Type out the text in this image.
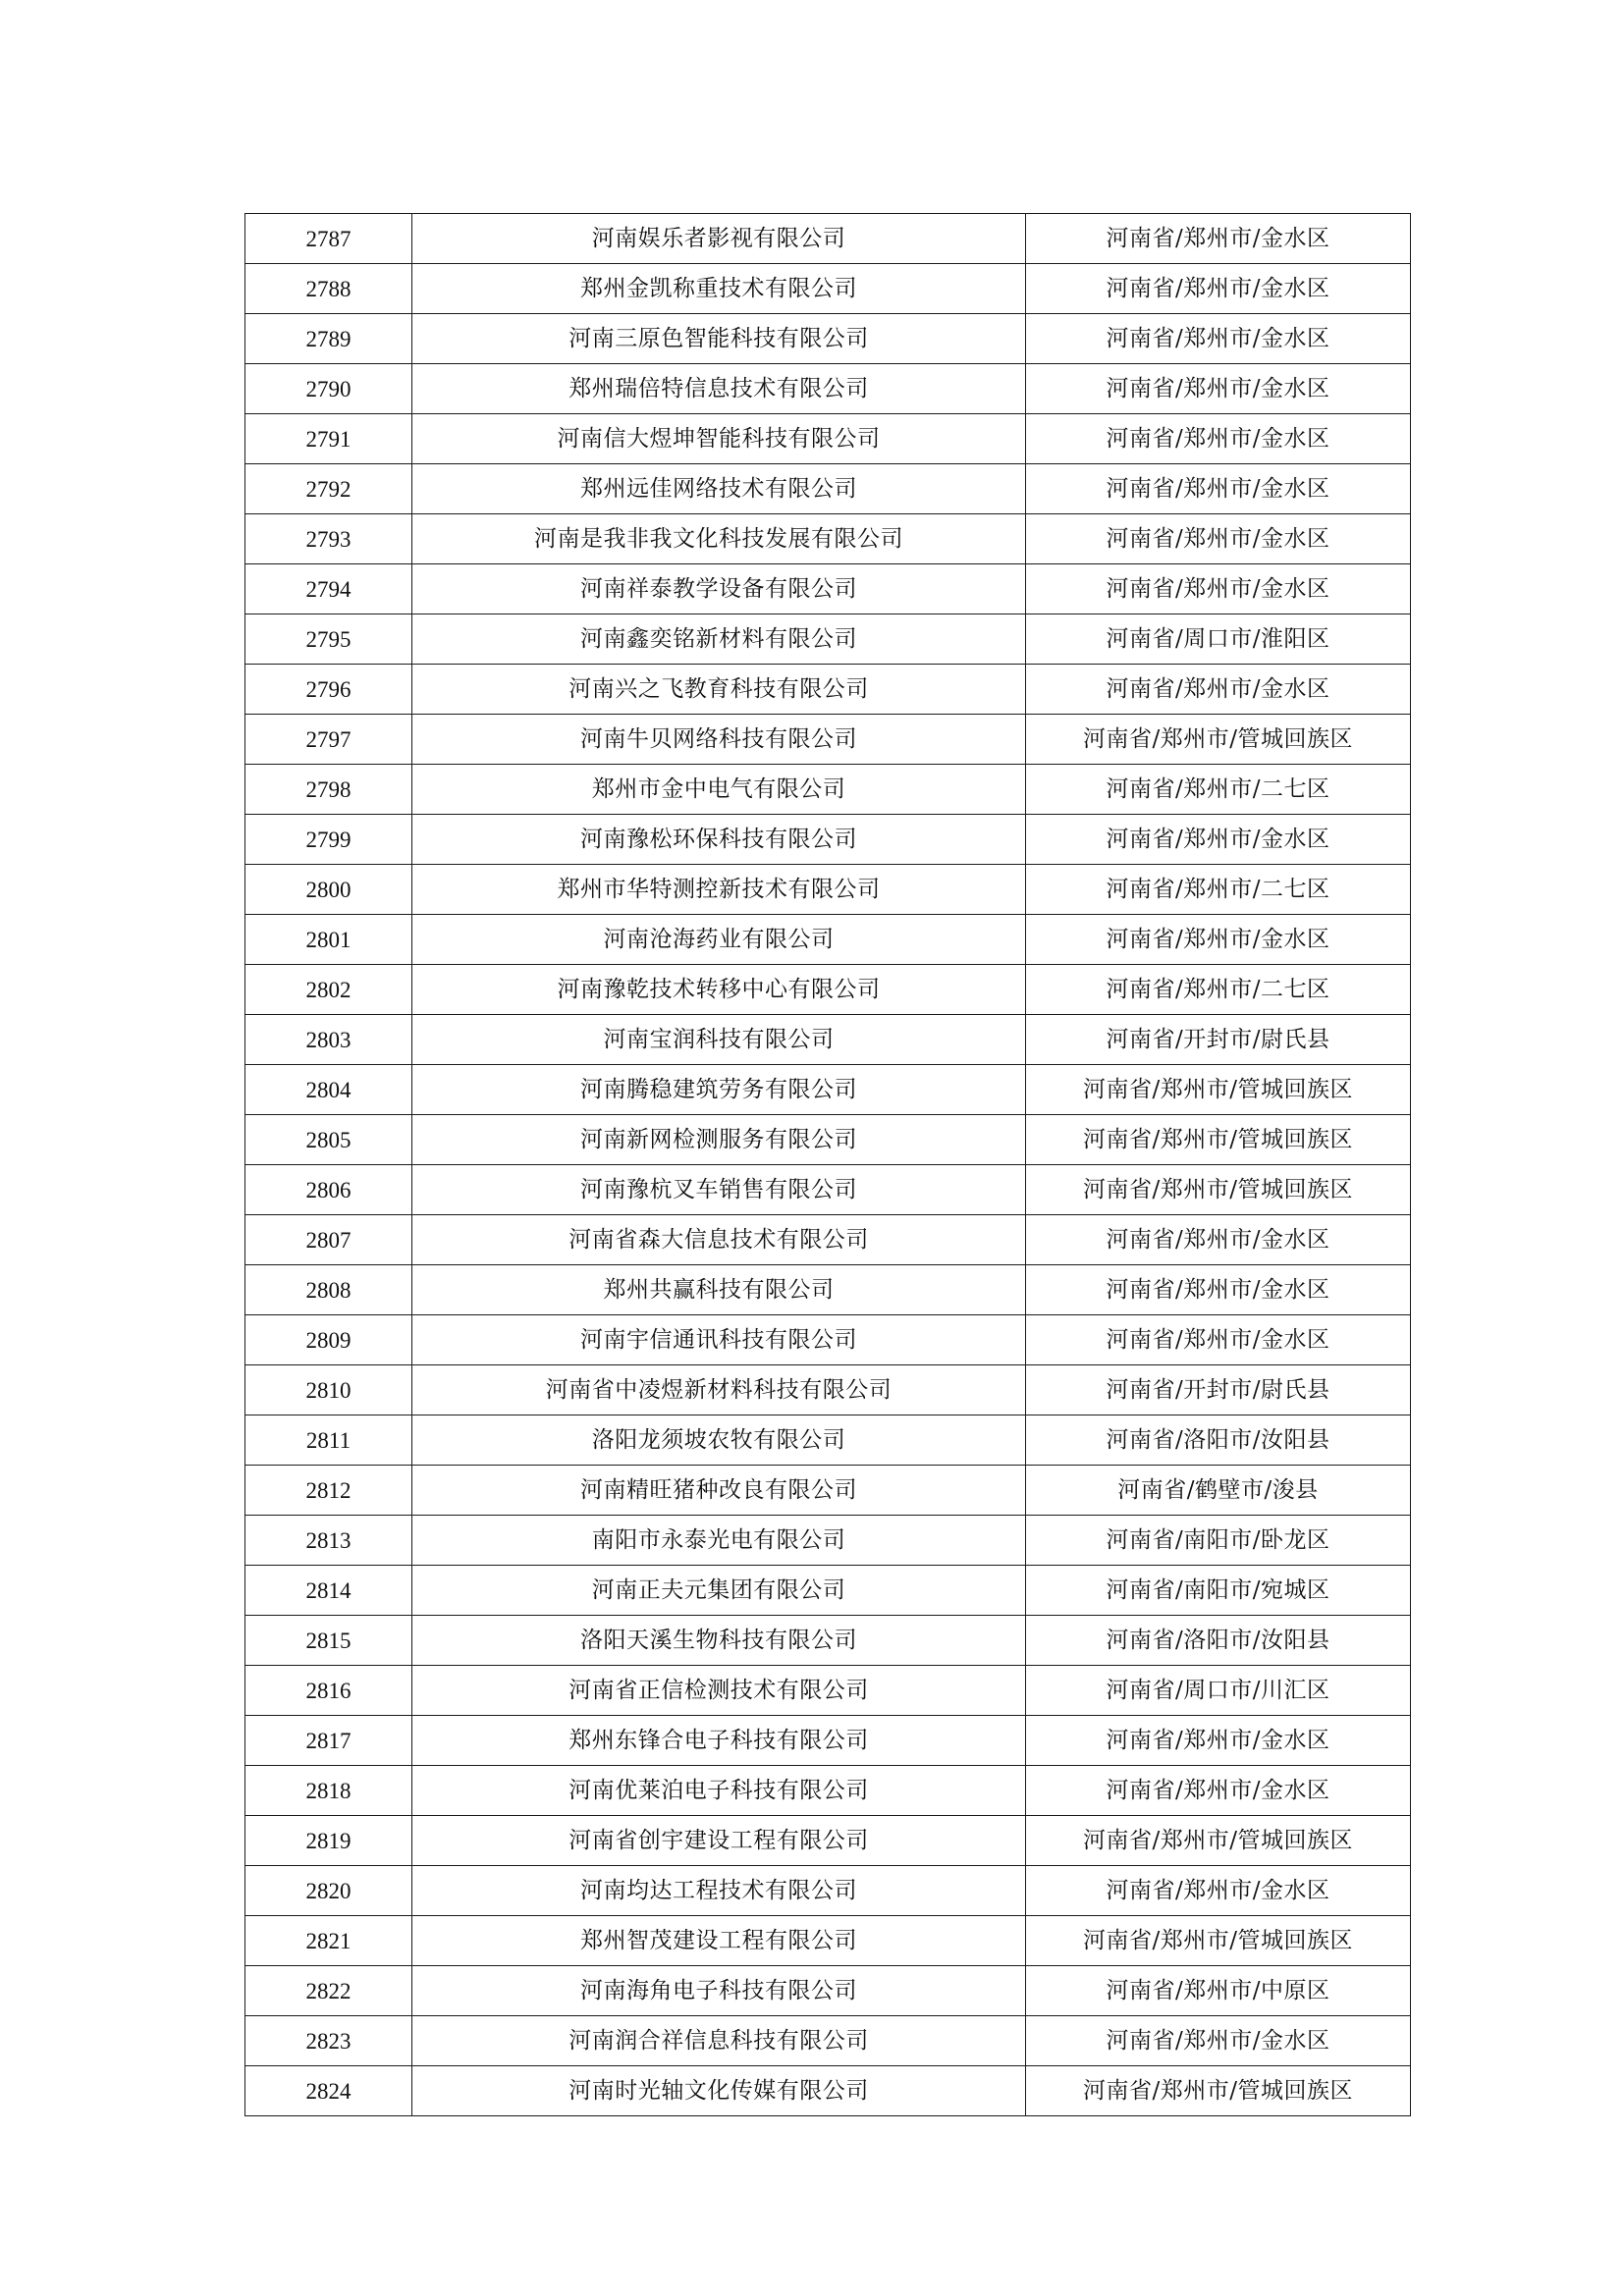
2787	河南娱乐者影视有限公司	河南省/郑州市/金水区
2788	郑州金凯称重技术有限公司	河南省/郑州市/金水区
2789	河南三原色智能科技有限公司	河南省/郑州市/金水区
2790	郑州瑞倍特信息技术有限公司	河南省/郑州市/金水区
2791	河南信大煜坤智能科技有限公司	河南省/郑州市/金水区
2792	郑州远佳网络技术有限公司	河南省/郑州市/金水区
2793	河南是我非我文化科技发展有限公司	河南省/郑州市/金水区
2794	河南祥泰教学设备有限公司	河南省/郑州市/金水区
2795	河南鑫奕铭新材料有限公司	河南省/周口市/淮阳区
2796	河南兴之飞教育科技有限公司	河南省/郑州市/金水区
2797	河南牛贝网络科技有限公司	河南省/郑州市/管城回族区
2798	郑州市金中电气有限公司	河南省/郑州市/二七区
2799	河南豫松环保科技有限公司	河南省/郑州市/金水区
2800	郑州市华特测控新技术有限公司	河南省/郑州市/二七区
2801	河南沧海药业有限公司	河南省/郑州市/金水区
2802	河南豫乾技术转移中心有限公司	河南省/郑州市/二七区
2803	河南宝润科技有限公司	河南省/开封市/尉氏县
2804	河南腾稳建筑劳务有限公司	河南省/郑州市/管城回族区
2805	河南新网检测服务有限公司	河南省/郑州市/管城回族区
2806	河南豫杭叉车销售有限公司	河南省/郑州市/管城回族区
2807	河南省森大信息技术有限公司	河南省/郑州市/金水区
2808	郑州共赢科技有限公司	河南省/郑州市/金水区
2809	河南宇信通讯科技有限公司	河南省/郑州市/金水区
2810	河南省中凌煜新材料科技有限公司	河南省/开封市/尉氏县
2811	洛阳龙须坡农牧有限公司	河南省/洛阳市/汝阳县
2812	河南精旺猪种改良有限公司	河南省/鹤壁市/浚县
2813	南阳市永泰光电有限公司	河南省/南阳市/卧龙区
2814	河南正夫元集团有限公司	河南省/南阳市/宛城区
2815	洛阳天溪生物科技有限公司	河南省/洛阳市/汝阳县
2816	河南省正信检测技术有限公司	河南省/周口市/川汇区
2817	郑州东锋合电子科技有限公司	河南省/郑州市/金水区
2818	河南优莱泊电子科技有限公司	河南省/郑州市/金水区
2819	河南省创宇建设工程有限公司	河南省/郑州市/管城回族区
2820	河南均达工程技术有限公司	河南省/郑州市/金水区
2821	郑州智茂建设工程有限公司	河南省/郑州市/管城回族区
2822	河南海角电子科技有限公司	河南省/郑州市/中原区
2823	河南润合祥信息科技有限公司	河南省/郑州市/金水区
2824	河南时光轴文化传媒有限公司	河南省/郑州市/管城回族区
